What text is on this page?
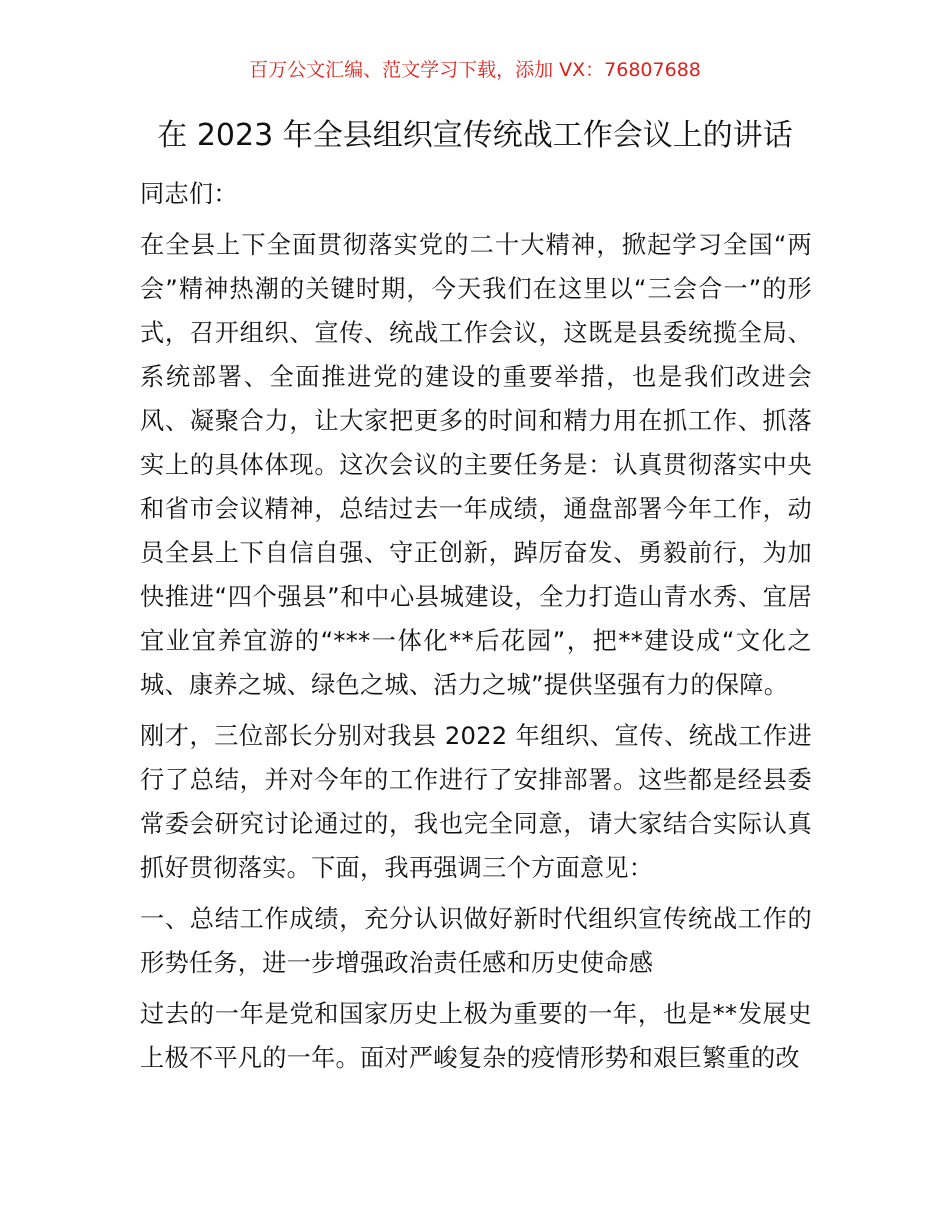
百万公文汇编、范文学习下载，添加 VX：76807688
在 2023 年全县组织宣传统战工作会议上的讲话

同志们：

在全县上下全面贯彻落实党的二十大精神，掀起学习全国“两会”精神热潮的关键时期，今天我们在这里以“三会合一”的形式，召开组织、宣传、统战工作会议，这既是县委统揽全局、系统部署、全面推进党的建设的重要举措，也是我们改进会风、凝聚合力，让大家把更多的时间和精力用在抓工作、抓落实上的具体体现。这次会议的主要任务是：认真贯彻落实中央和省市会议精神，总结过去一年成绩，通盘部署今年工作，动员全县上下自信自强、守正创新，踔厉奋发、勇毅前行，为加快推进“四个强县”和中心县城建设，全力打造山青水秀、宜居宜业宜养宜游的“***一体化**后花园”，把**建设成“文化之城、康养之城、绿色之城、活力之城”提供坚强有力的保障。

刚才，三位部长分别对我县 2022 年组织、宣传、统战工作进行了总结，并对今年的工作进行了安排部署。这些都是经县委常委会研究讨论通过的，我也完全同意，请大家结合实际认真抓好贯彻落实。下面，我再强调三个方面意见：

一、总结工作成绩，充分认识做好新时代组织宣传统战工作的形势任务，进一步增强政治责任感和历史使命感

过去的一年是党和国家历史上极为重要的一年，也是**发展史上极不平凡的一年。面对严峻复杂的疫情形势和艰巨繁重的改
